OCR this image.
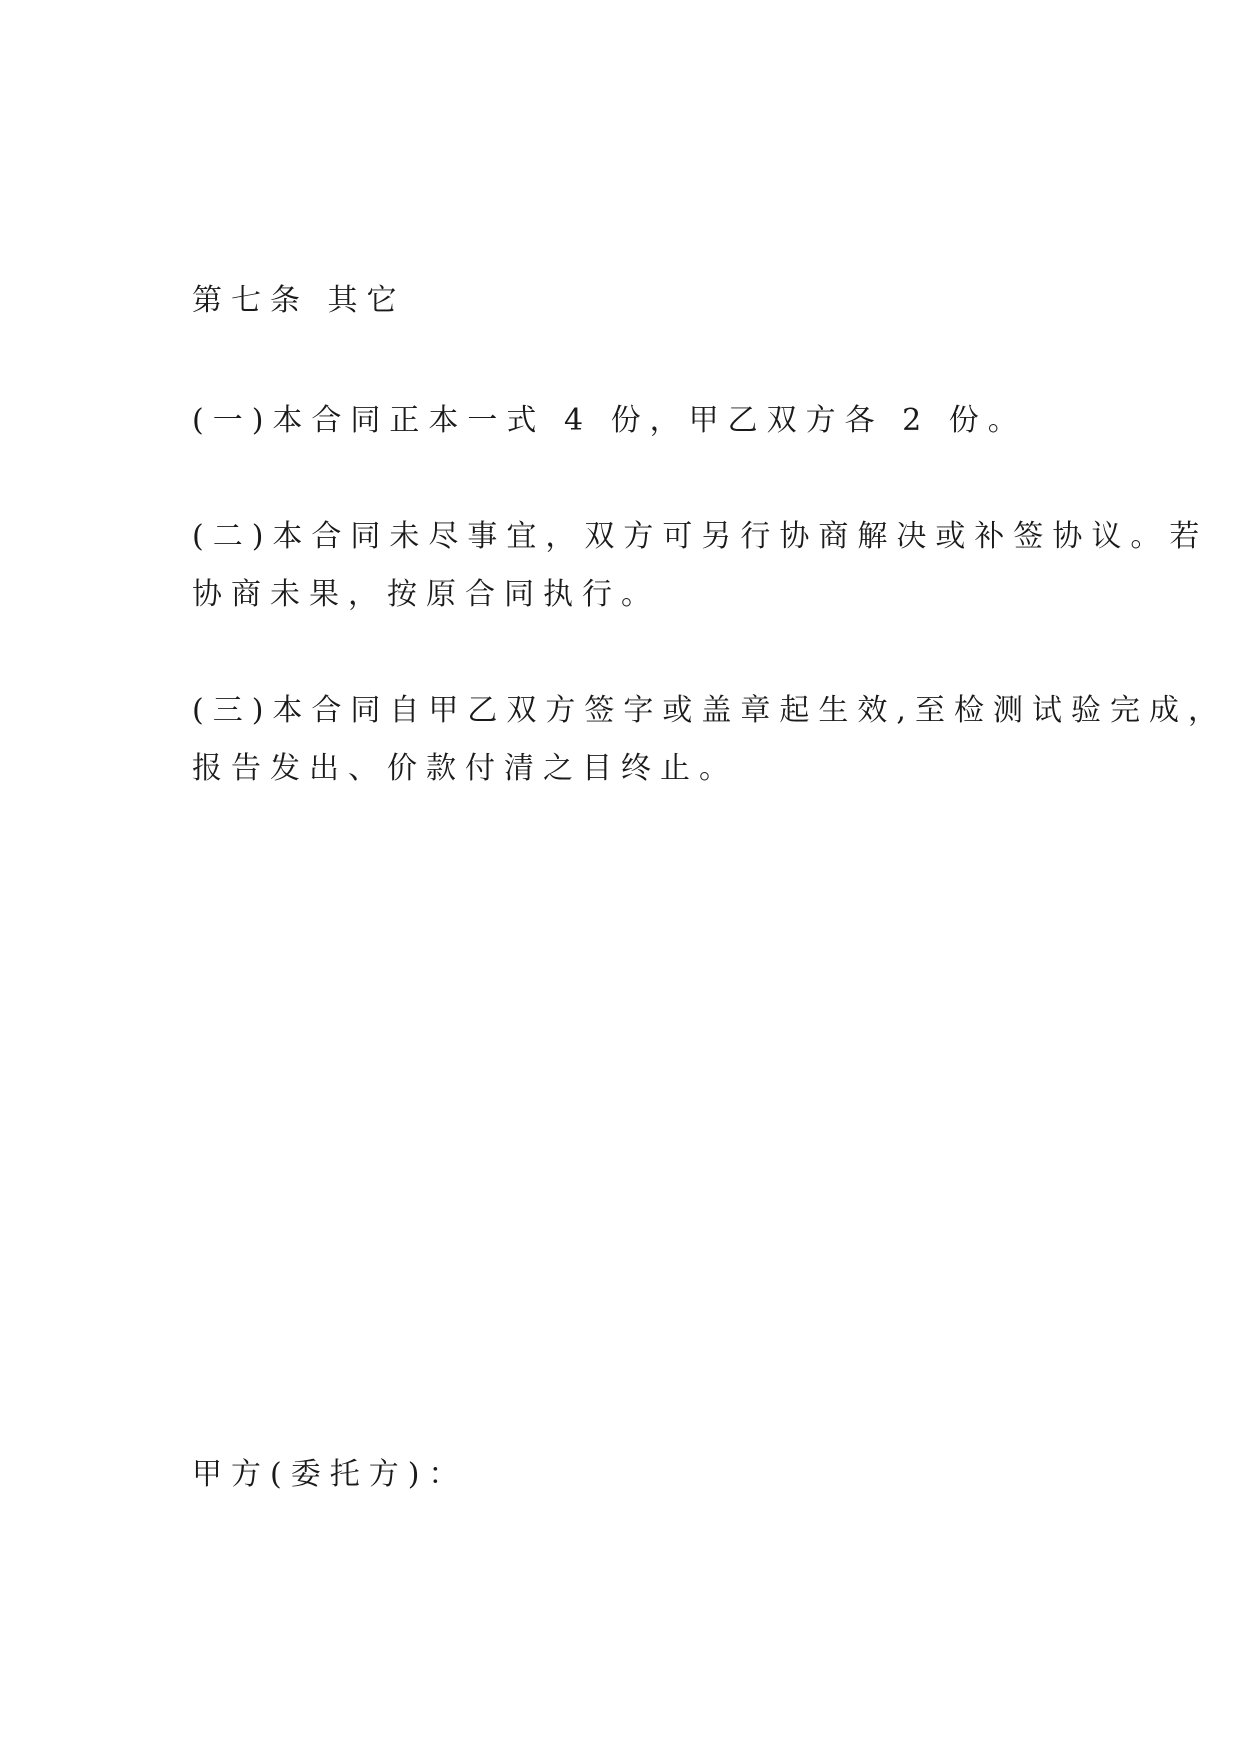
第七条 其它
(一)本合同正本一式 4 份，甲乙双方各 2 份。
(二)本合同未尽事宜，双方可另行协商解决或补签协议。若
协商未果，按原合同执行。
(三)本合同自甲乙双方签字或盖章起生效,至检测试验完成，
报告发出、价款付清之目终止。
甲方(委托方)：
